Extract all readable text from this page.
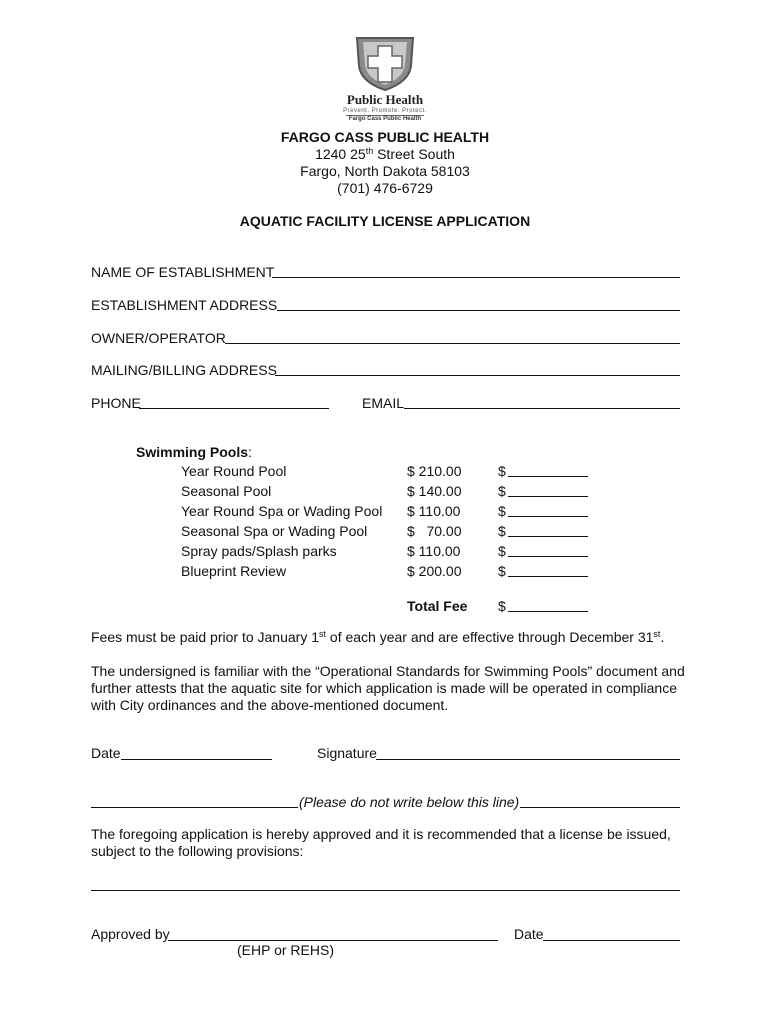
Public Health
Prevent. Promote. Protect.
Fargo Cass Public Health
FARGO CASS PUBLIC HEALTH
1240 25th Street South
Fargo, North Dakota 58103
(701) 476-6729
AQUATIC FACILITY LICENSE APPLICATION
NAME OF ESTABLISHMENT
ESTABLISHMENT ADDRESS
OWNER/OPERATOR
MAILING/BILLING ADDRESS
PHONE	EMAIL
Swimming Pools:
Year Round Pool	$ 210.00	$
Seasonal Pool	$ 140.00	$
Year Round Spa or Wading Pool $ 110.00	$
Seasonal Spa or Wading Pool	$   70.00	$
Spray pads/Splash parks	$ 110.00	$
Blueprint Review	$ 200.00	$
Total Fee $
Fees must be paid prior to January 1st of each year and are effective through December 31st.
The undersigned is familiar with the “Operational Standards for Swimming Pools” document and further attests that the aquatic site for which application is made will be operated in compliance with City ordinances and the above-mentioned document.
Date	Signature
(Please do not write below this line)
The foregoing application is hereby approved and it is recommended that a license be issued, subject to the following provisions:
Approved by	Date
(EHP or REHS)
